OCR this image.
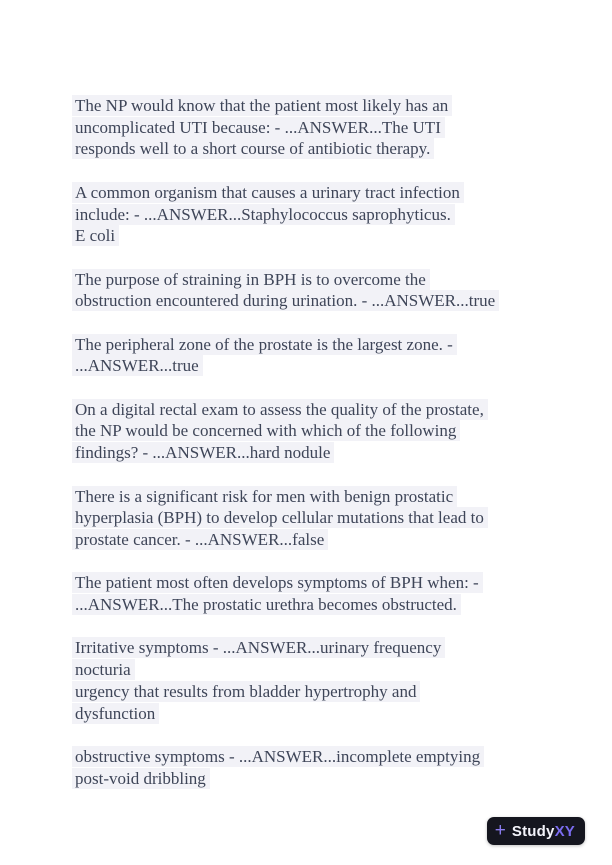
The NP would know that the patient most likely has an
uncomplicated UTI because: - ...ANSWER...The UTI
responds well to a short course of antibiotic therapy.

A common organism that causes a urinary tract infection
include: - ...ANSWER...Staphylococcus saprophyticus.
E coli

The purpose of straining in BPH is to overcome the
obstruction encountered during urination. - ...ANSWER...true

The peripheral zone of the prostate is the largest zone. -
...ANSWER...true

On a digital rectal exam to assess the quality of the prostate,
the NP would be concerned with which of the following
findings? - ...ANSWER...hard nodule

There is a significant risk for men with benign prostatic
hyperplasia (BPH) to develop cellular mutations that lead to
prostate cancer. - ...ANSWER...false

The patient most often develops symptoms of BPH when: -
...ANSWER...The prostatic urethra becomes obstructed.

Irritative symptoms - ...ANSWER...urinary frequency
nocturia
urgency that results from bladder hypertrophy and
dysfunction

obstructive symptoms - ...ANSWER...incomplete emptying
post-void dribbling

+ StudyXY
